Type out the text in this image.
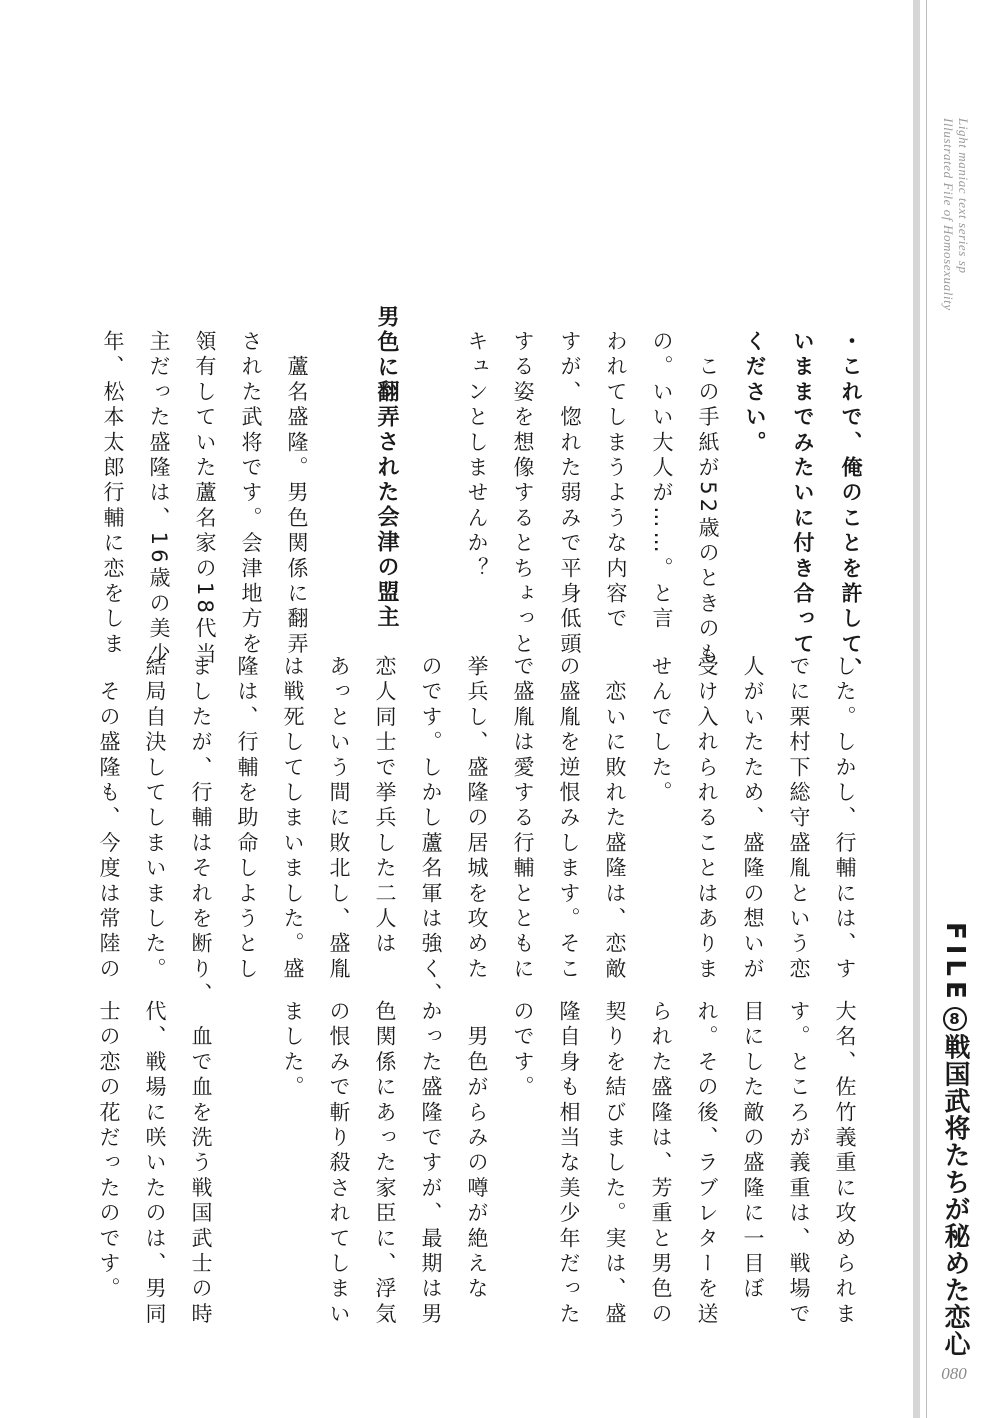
Light maniac text series sp
Illustrated File of Homosexuality
FILE8戦国武将たちが秘めた恋心
080
・これで、俺のことを許して、
いままでみたいに付き合って
ください。
　この手紙が52歳のときのも
の。いい大人が……。と言
われてしまうような内容で
すが、惚れた弱みで平身低頭
する姿を想像するとちょっと
キュンとしませんか？
男色に翻弄された会津の盟主
　蘆名盛隆。男色関係に翻弄
された武将です。会津地方を
領有していた蘆名家の18代当
主だった盛隆は、16歳の美少
年、松本太郎行輔に恋をしま
した。しかし、行輔には、す
でに栗村下総守盛胤という恋
人がいたため、盛隆の想いが
受け入れられることはありま
せんでした。
　恋いに敗れた盛隆は、恋敵
の盛胤を逆恨みします。そこ
で盛胤は愛する行輔とともに
挙兵し、盛隆の居城を攻めた
のです。しかし蘆名軍は強く、
恋人同士で挙兵した二人は
あっという間に敗北し、盛胤
は戦死してしまいました。盛
隆は、行輔を助命しようとし
ましたが、行輔はそれを断り、
結局自決してしまいました。
　その盛隆も、今度は常陸の
大名、佐竹義重に攻められま
す。ところが義重は、戦場で
目にした敵の盛隆に一目ぼ
れ。その後、ラブレターを送
られた盛隆は、芳重と男色の
契りを結びました。実は、盛
隆自身も相当な美少年だった
のです。
　男色がらみの噂が絶えな
かった盛隆ですが、最期は男
色関係にあった家臣に、浮気
の恨みで斬り殺されてしまい
ました。
　血で血を洗う戦国武士の時
代、戦場に咲いたのは、男同
士の恋の花だったのです。
